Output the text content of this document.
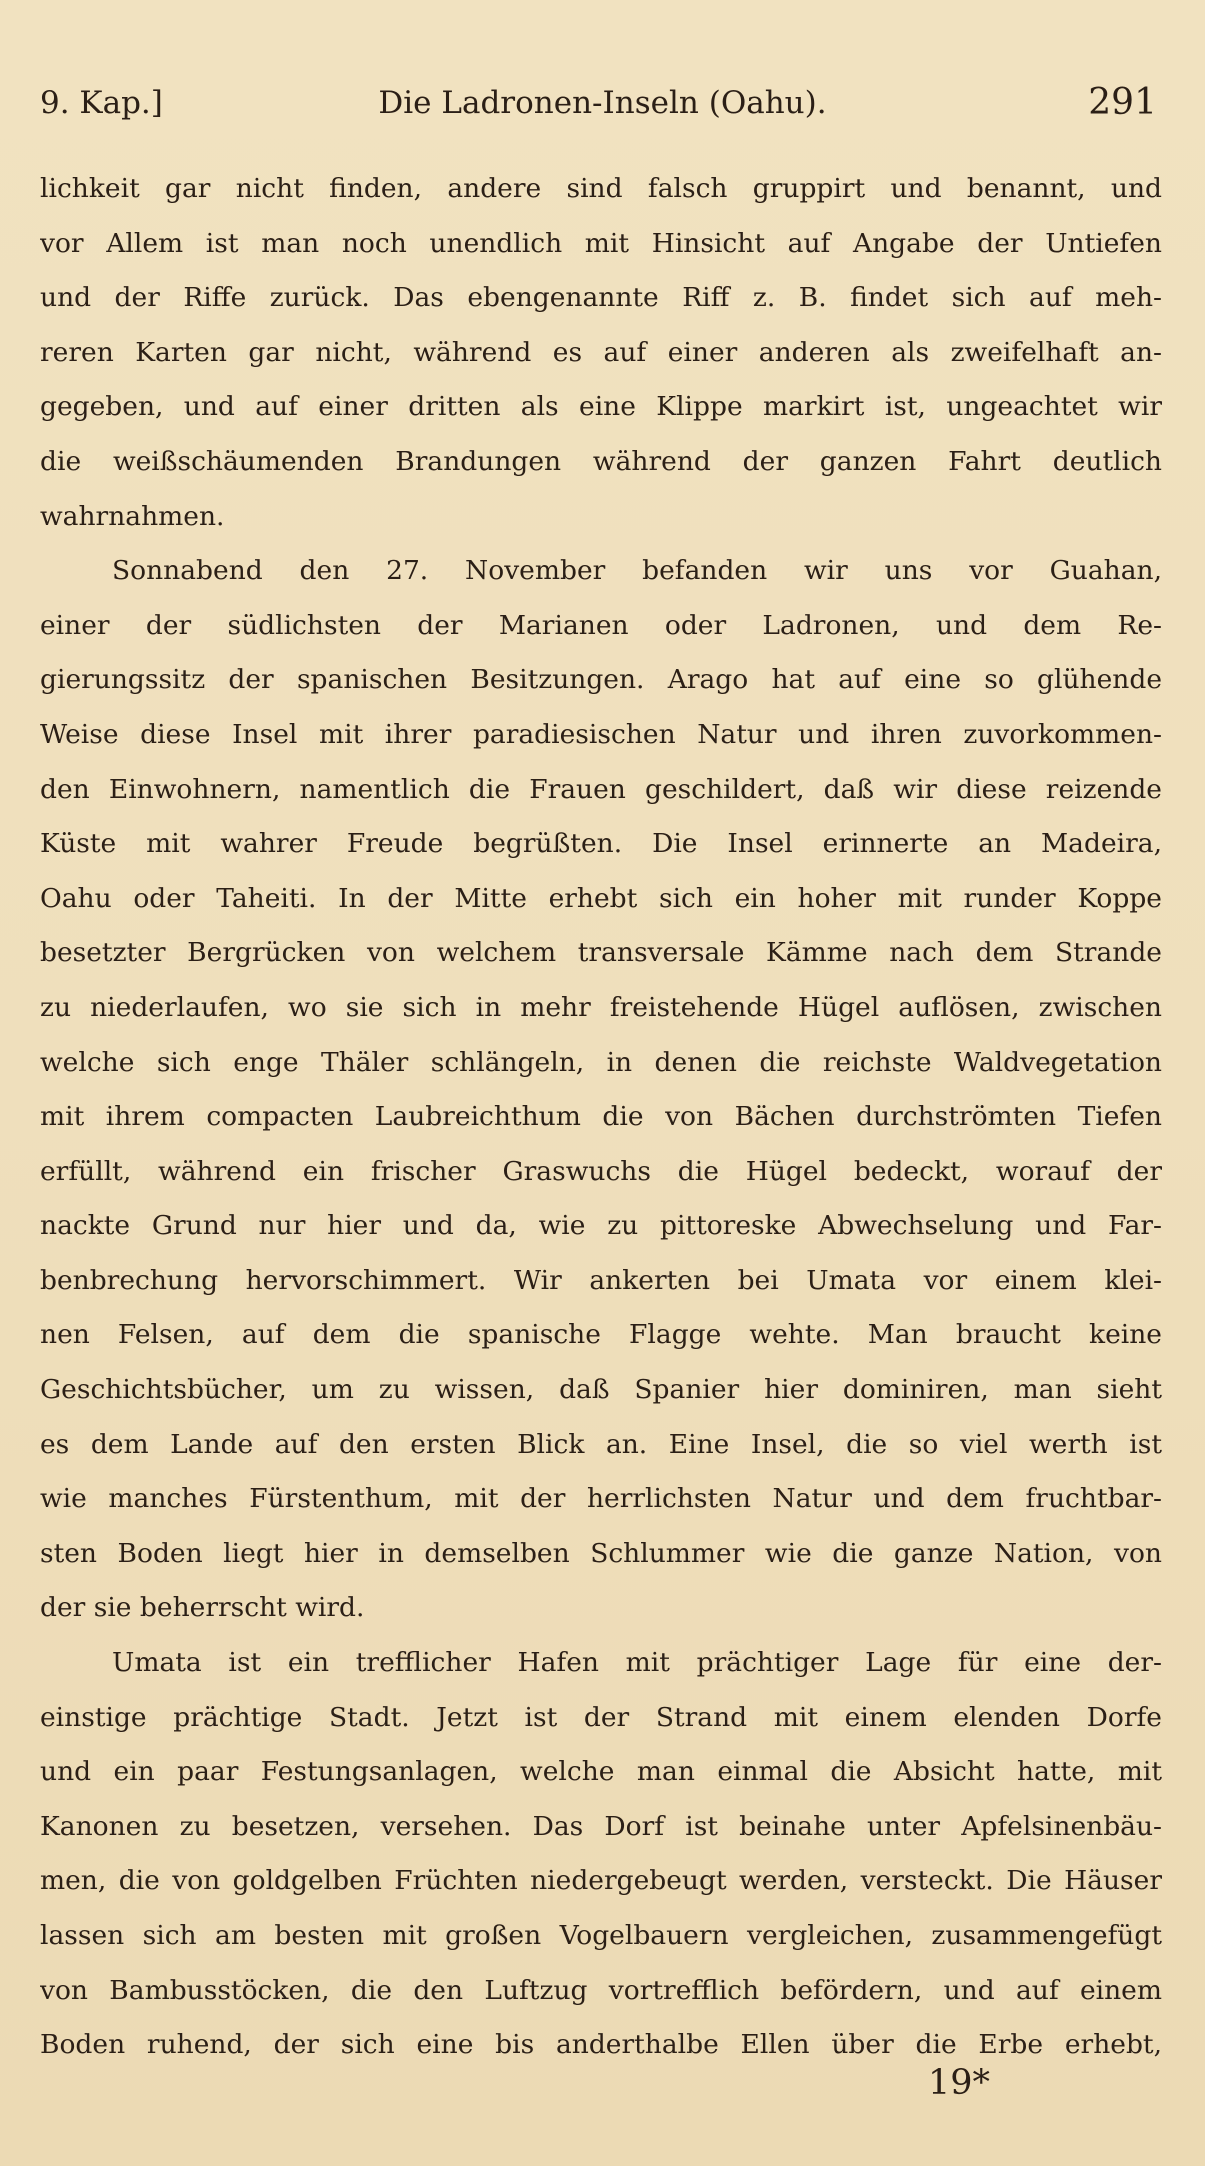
9. Kap.]	Die Ladronen-Inseln (Oahu).	291
lichkeit gar nicht finden, andere sind falsch gruppirt und benannt, und
vor Allem ist man noch unendlich mit Hinsicht auf Angabe der Untiefen
und der Riffe zurück. Das ebengenannte Riff z. B. findet sich auf meh-
reren Karten gar nicht, während es auf einer anderen als zweifelhaft an-
gegeben, und auf einer dritten als eine Klippe markirt ist, ungeachtet wir
die weißschäumenden Brandungen während der ganzen Fahrt deutlich
wahrnahmen.
Sonnabend den 27. November befanden wir uns vor Guahan,
einer der südlichsten der Marianen oder Ladronen, und dem Re-
gierungssitz der spanischen Besitzungen. Arago hat auf eine so glühende
Weise diese Insel mit ihrer paradiesischen Natur und ihren zuvorkommen-
den Einwohnern, namentlich die Frauen geschildert, daß wir diese reizende
Küste mit wahrer Freude begrüßten. Die Insel erinnerte an Madeira,
Oahu oder Taheiti. In der Mitte erhebt sich ein hoher mit runder Koppe
besetzter Bergrücken von welchem transversale Kämme nach dem Strande
zu niederlaufen, wo sie sich in mehr freistehende Hügel auflösen, zwischen
welche sich enge Thäler schlängeln, in denen die reichste Waldvegetation
mit ihrem compacten Laubreichthum die von Bächen durchströmten Tiefen
erfüllt, während ein frischer Graswuchs die Hügel bedeckt, worauf der
nackte Grund nur hier und da, wie zu pittoreske Abwechselung und Far-
benbrechung hervorschimmert. Wir ankerten bei Umata vor einem klei-
nen Felsen, auf dem die spanische Flagge wehte. Man braucht keine
Geschichtsbücher, um zu wissen, daß Spanier hier dominiren, man sieht
es dem Lande auf den ersten Blick an. Eine Insel, die so viel werth ist
wie manches Fürstenthum, mit der herrlichsten Natur und dem fruchtbar-
sten Boden liegt hier in demselben Schlummer wie die ganze Nation, von
der sie beherrscht wird.
Umata ist ein trefflicher Hafen mit prächtiger Lage für eine der-
einstige prächtige Stadt. Jetzt ist der Strand mit einem elenden Dorfe
und ein paar Festungsanlagen, welche man einmal die Absicht hatte, mit
Kanonen zu besetzen, versehen. Das Dorf ist beinahe unter Apfelsinenbäu-
men, die von goldgelben Früchten niedergebeugt werden, versteckt. Die Häuser
lassen sich am besten mit großen Vogelbauern vergleichen, zusammengefügt
von Bambusstöcken, die den Luftzug vortrefflich befördern, und auf einem
Boden ruhend, der sich eine bis anderthalbe Ellen über die Erbe erhebt,
19*
